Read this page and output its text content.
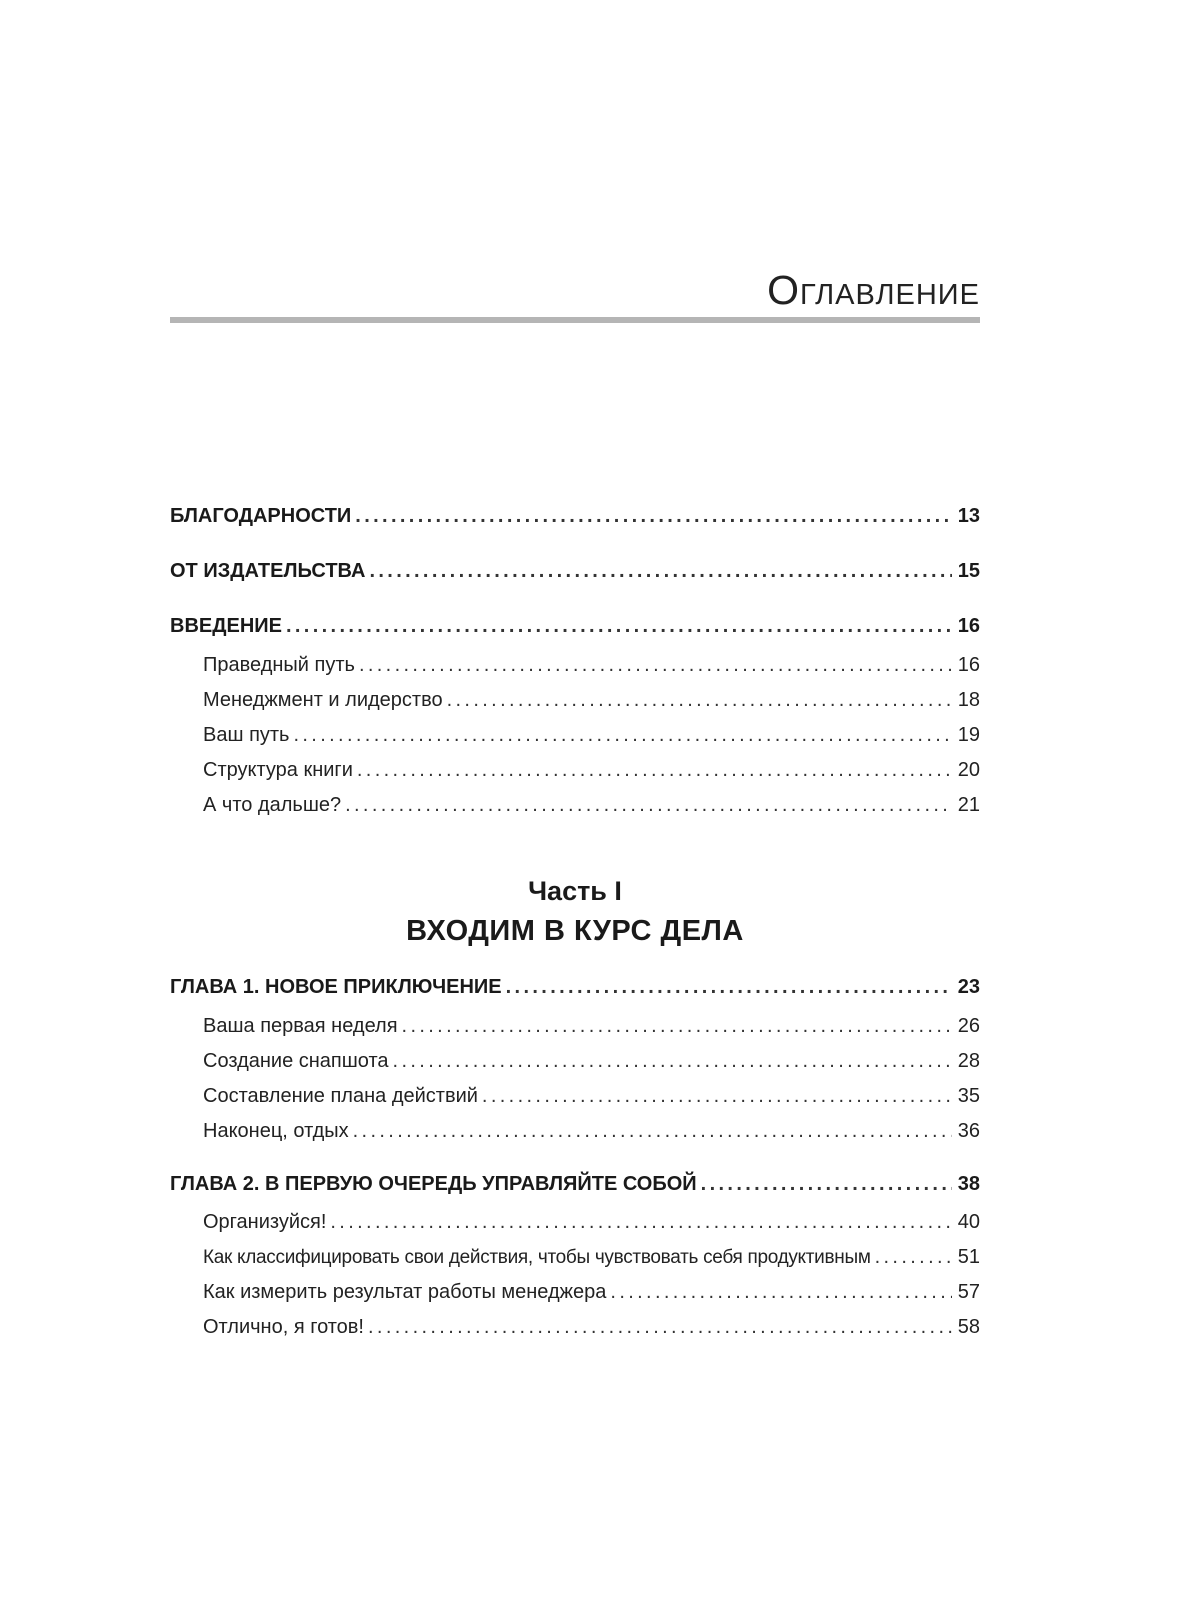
Оглавление
БЛАГОДАРНОСТИ . . .	13
ОТ ИЗДАТЕЛЬСТВА . . .	15
ВВЕДЕНИЕ . . .	16
Праведный путь . . .	16
Менеджмент и лидерство . . .	18
Ваш путь . . .	19
Структура книги . . .	20
А что дальше? . . .	21
Часть I
ВХОДИМ В КУРС ДЕЛА
ГЛАВА 1. НОВОЕ ПРИКЛЮЧЕНИЕ . . .	23
Ваша первая неделя . . .	26
Создание снапшота . . .	28
Составление плана действий . . .	35
Наконец, отдых . . .	36
ГЛАВА 2. В ПЕРВУЮ ОЧЕРЕДЬ УПРАВЛЯЙТЕ СОБОЙ . . .	38
Организуйся! . . .	40
Как классифицировать свои действия, чтобы чувствовать себя продуктивным . . .	51
Как измерить результат работы менеджера . . .	57
Отлично, я готов! . . .	58
